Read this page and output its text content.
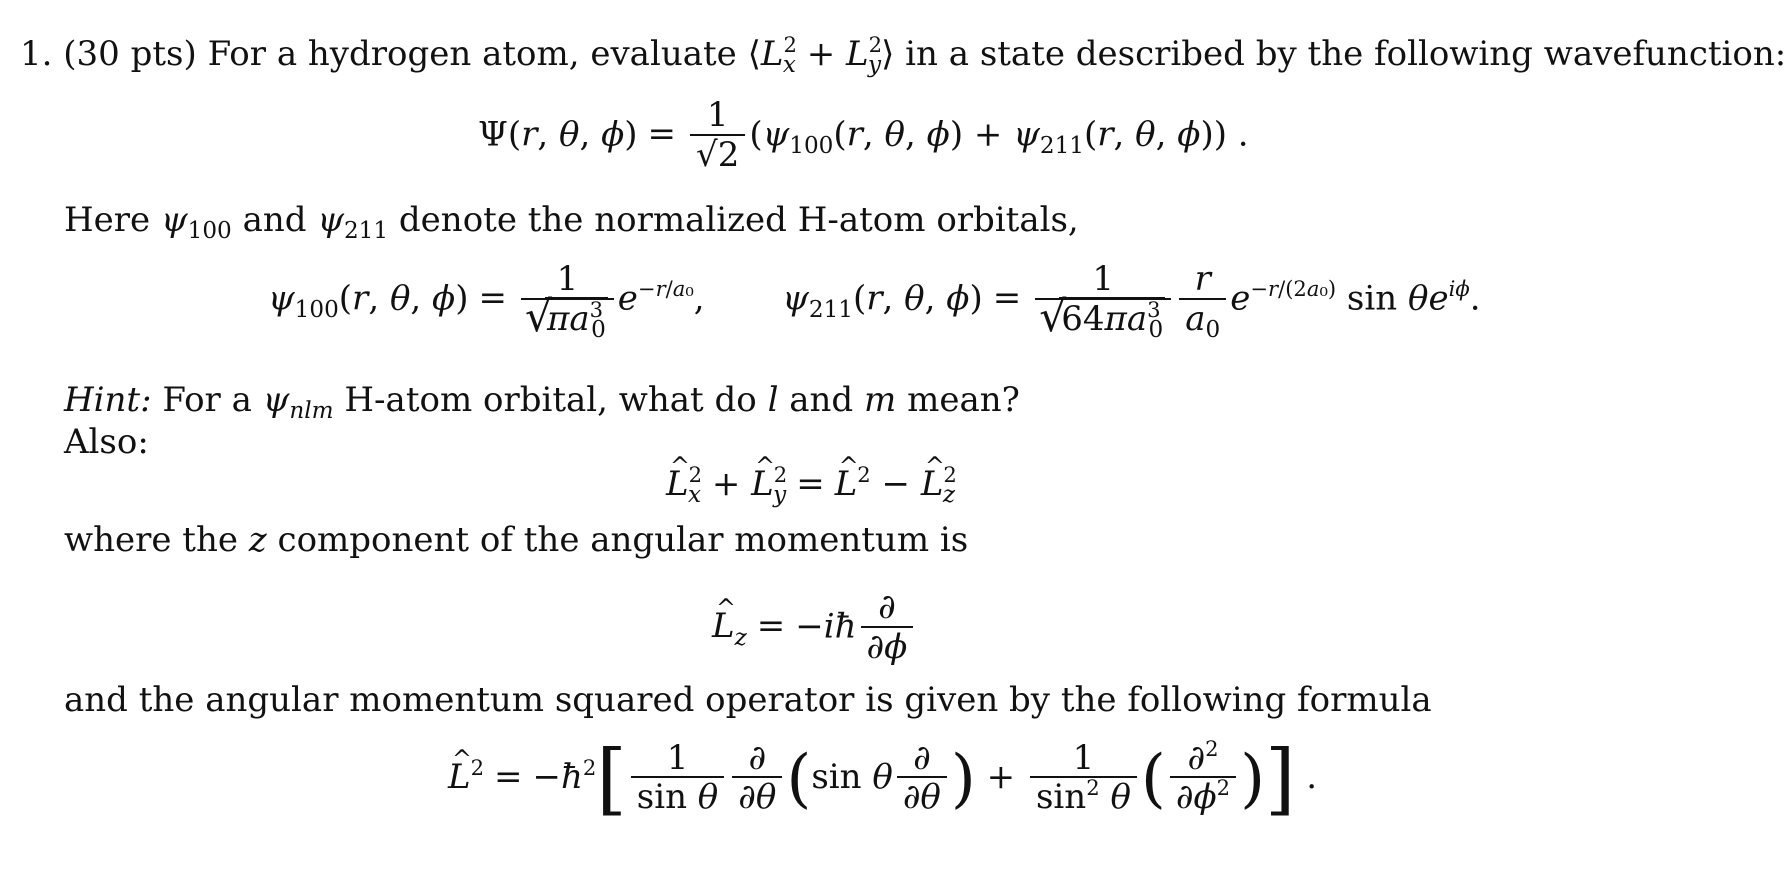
1. (30 pts) For a hydrogen atom, evaluate $⟨L^2_x$ + $L^2_y⟩$ in a state described by the following wavefunction:
Ψ(r, θ, $\phi) = \frac{1}{√2} (\psi_{100}(r$, θ, $\phi) + \psi_{211}(r$, θ, ϕ)) .
Here $\psi_{100}$ and $\psi_{211}$ denote the normalized H-atom orbitals,
$\psi_{100}(r$, θ, ϕ) = 1
√ $\pi a^3_0$ $e^{-r/a_0}$,  $\psi_{211}(r$, θ, ϕ) = 1
√ $64\pi a^3_0 \frac{r}{a_0} e^{-r/(2a_0)}$ $\sin \theta e^{i\phi}$.
Hint: For a $\psi_{nlm}$ H-atom orbital, what do l and m mean?
Also:
L ^$^2_x$ + L ^$^2_y$ = L ^$^2$ − L ^$^2_z$
where the z component of the angular momentum is
L $\^{}_z$ = −iħ $\frac{\partial}{\partial\phi}$
and the angular momentum squared operator is given by the following formula
L ^$^2$ = $-ħ^2[ \frac{1}{\text{sin θ}} \frac{\partial}{\partial\theta} (\sin$ θ $\frac{\partial}{\partial\theta}$ ) + $\frac{1}{\sin^2 \theta}$ ( $\frac{\partial^2}{\partial\phi^2}$ )] .
